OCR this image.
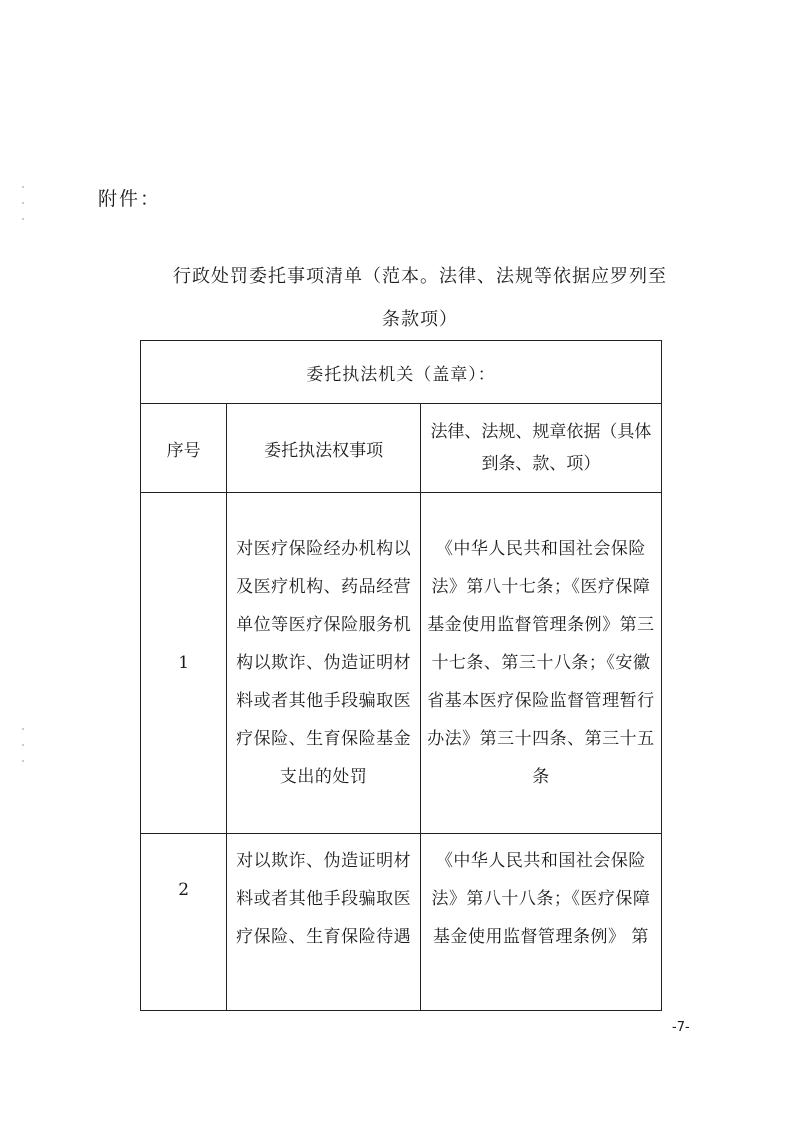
附件：
行政处罚委托事项清单（范本。法律、法规等依据应罗列至
条款项）
委托执法机关（盖章）：		
序号	委托执法权事项	法律、法规、规章依据（具体到条、款、项）

1	对医疗保险经办机构以及医疗机构、药品经营单位等医疗保险服务机构以欺诈、伪造证明材料或者其他手段骗取医疗保险、生育保险基金支出的处罚	《中华人民共和国社会保险法》第八十七条；《医疗保障基金使用监督管理条例》第三十七条、第三十八条；《安徽省基本医疗保险监督管理暂行办法》第三十四条、第三十五条

2	对以欺诈、伪造证明材料或者其他手段骗取医疗保险、生育保险待遇	《中华人民共和国社会保险法》第八十八条；《医疗保障基金使用监督管理条例》 第
-7-
